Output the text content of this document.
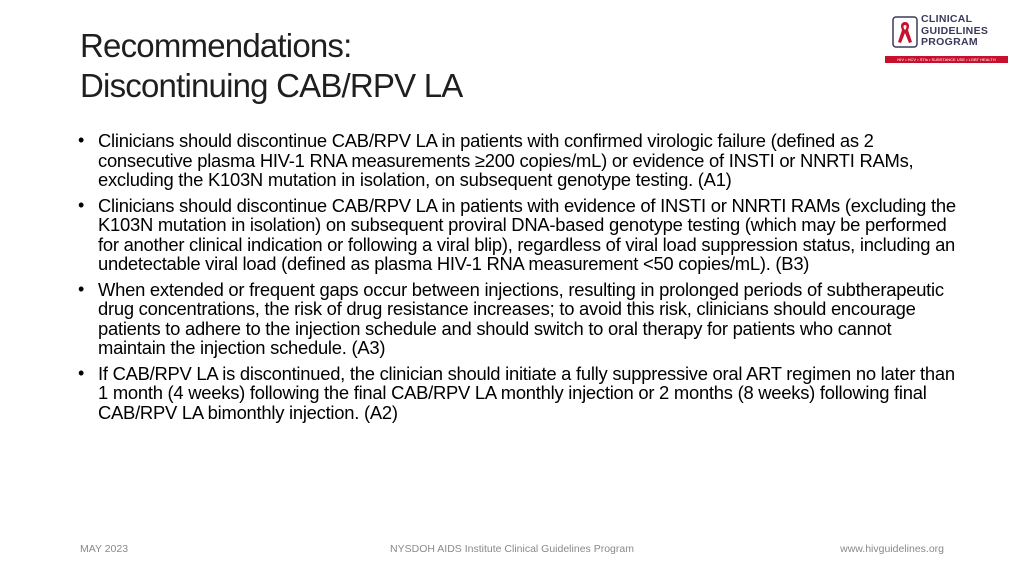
Recommendations:
Discontinuing CAB/RPV LA
CLINICAL
GUIDELINES
PROGRAM
HIV • HCV • STIs • SUBSTANCE USE • LGBT HEALTH
• Clinicians should discontinue CAB/RPV LA in patients with confirmed virologic failure (defined as 2 consecutive plasma HIV-1 RNA measurements ≥200 copies/mL) or evidence of INSTI or NNRTI RAMs, excluding the K103N mutation in isolation, on subsequent genotype testing. (A1)
• Clinicians should discontinue CAB/RPV LA in patients with evidence of INSTI or NNRTI RAMs (excluding the K103N mutation in isolation) on subsequent proviral DNA-based genotype testing (which may be performed for another clinical indication or following a viral blip), regardless of viral load suppression status, including an undetectable viral load (defined as plasma HIV-1 RNA measurement <50 copies/mL). (B3)
• When extended or frequent gaps occur between injections, resulting in prolonged periods of subtherapeutic drug concentrations, the risk of drug resistance increases; to avoid this risk, clinicians should encourage patients to adhere to the injection schedule and should switch to oral therapy for patients who cannot maintain the injection schedule. (A3)
• If CAB/RPV LA is discontinued, the clinician should initiate a fully suppressive oral ART regimen no later than 1 month (4 weeks) following the final CAB/RPV LA monthly injection or 2 months (8 weeks) following final CAB/RPV LA bimonthly injection. (A2)
MAY 2023	NYSDOH AIDS Institute Clinical Guidelines Program	www.hivguidelines.org
